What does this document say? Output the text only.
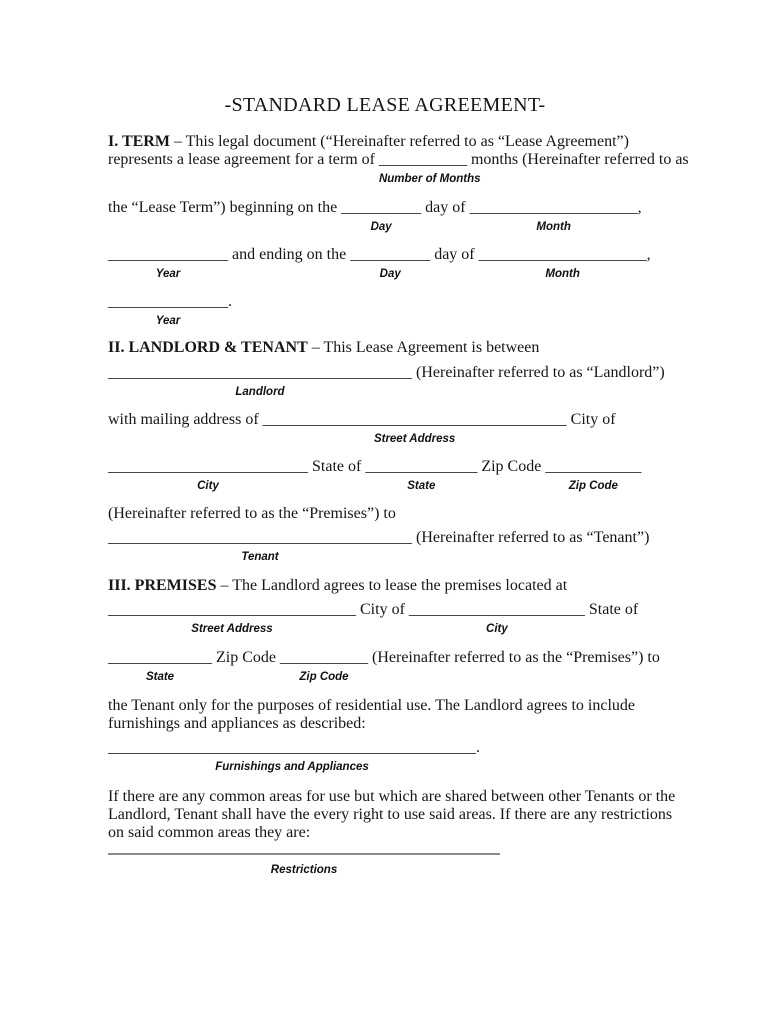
-STANDARD LEASE AGREEMENT-
I. TERM – This legal document (“Hereinafter referred to as “Lease Agreement”)
represents a lease agreement for a term of ___________
Number of Months
months (Hereinafter referred to as
the “Lease Term”) beginning on the __________
Day
day of _____________________
Month
,
_______________
Year
and ending on the __________
Day
day of _____________________
Month
,
_______________
Year
.
II. LANDLORD & TENANT – This Lease Agreement is between
______________________________________
Landlord
(Hereinafter referred to as “Landlord”)
with mailing address of ______________________________________
Street Address
City of
_________________________
City
State of ______________
State
Zip Code ____________
Zip Code
(Hereinafter referred to as the “Premises”) to
______________________________________
Tenant
(Hereinafter referred to as “Tenant”)
III. PREMISES – The Landlord agrees to lease the premises located at
_______________________________
Street Address
City of ______________________
City
State of
_____________
State
Zip Code ___________
Zip Code
(Hereinafter referred to as the “Premises”) to
the Tenant only for the purposes of residential use. The Landlord agrees to include
furnishings and appliances as described:
______________________________________________
Furnishings and Appliances
.
If there are any common areas for use but which are shared between other Tenants or the
Landlord, Tenant shall have the every right to use said areas. If there are any restrictions
on said common areas they are:
Restrictions
